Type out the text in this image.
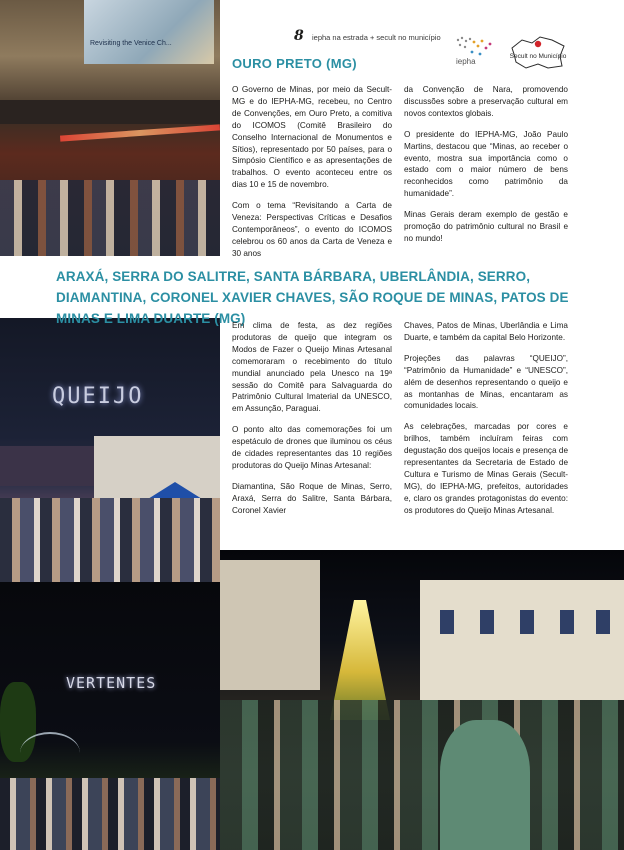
Revisiting the Venice Ch...
QUEIJO
VERTENTES
8 iepha na estrada + secult no município
iepha
Secult no Município
OURO PRETO (MG)

O Governo de Minas, por meio da Secult-MG e do IEPHA-MG, recebeu, no Centro de Convenções, em Ouro Preto, a comitiva do ICOMOS (Comitê Brasileiro do Conselho Internacional de Monumentos e Sítios), representado por 50 países, para o Simpósio Científico e as apresentações de trabalhos. O evento aconteceu entre os dias 10 e 15 de novembro.

Com o tema “Revisitando a Carta de Veneza: Perspectivas Críticas e Desafios Contemporâneos”, o evento do ICOMOS celebrou os 60 anos da Carta de Veneza e 30 anos

da Convenção de Nara, promovendo discussões sobre a preservação cultural em novos contextos globais.

O presidente do IEPHA-MG, João Paulo Martins, destacou que “Minas, ao receber o evento, mostra sua importância como o estado com o maior número de bens reconhecidos como patrimônio da humanidade”.

Minas Gerais deram exemplo de gestão e promoção do patrimônio cultural no Brasil e no mundo!

ARAXÁ, SERRA DO SALITRE, SANTA BÁRBARA, UBERLÂNDIA, SERRO, DIAMANTINA, CORONEL XAVIER CHAVES, SÃO ROQUE DE MINAS, PATOS DE MINAS E LIMA DUARTE (MG)

Em clima de festa, as dez regiões produtoras de queijo que integram os Modos de Fazer o Queijo Minas Artesanal comemoraram o recebimento do título mundial anunciado pela Unesco na 19ª sessão do Comitê para Salvaguarda do Patrimônio Cultural Imaterial da UNESCO, em Assunção, Paraguai.

O ponto alto das comemorações foi um espetáculo de drones que iluminou os céus de cidades representantes das 10 regiões produtoras do Queijo Minas Artesanal:

Diamantina, São Roque de Minas, Serro, Araxá, Serra do Salitre, Santa Bárbara, Coronel Xavier

Chaves, Patos de Minas, Uberlândia e Lima Duarte, e também da capital Belo Horizonte.

Projeções das palavras “QUEIJO”, “Patrimônio da Humanidade” e “UNESCO”, além de desenhos representando o queijo e as montanhas de Minas, encantaram as comunidades locais.

As celebrações, marcadas por cores e brilhos, também incluíram feiras com degustação dos queijos locais e presença de representantes da Secretaria de Estado de Cultura e Turismo de Minas Gerais (Secult-MG), do IEPHA-MG, prefeitos, autoridades e, claro os grandes protagonistas do evento: os produtores do Queijo Minas Artesanal.
